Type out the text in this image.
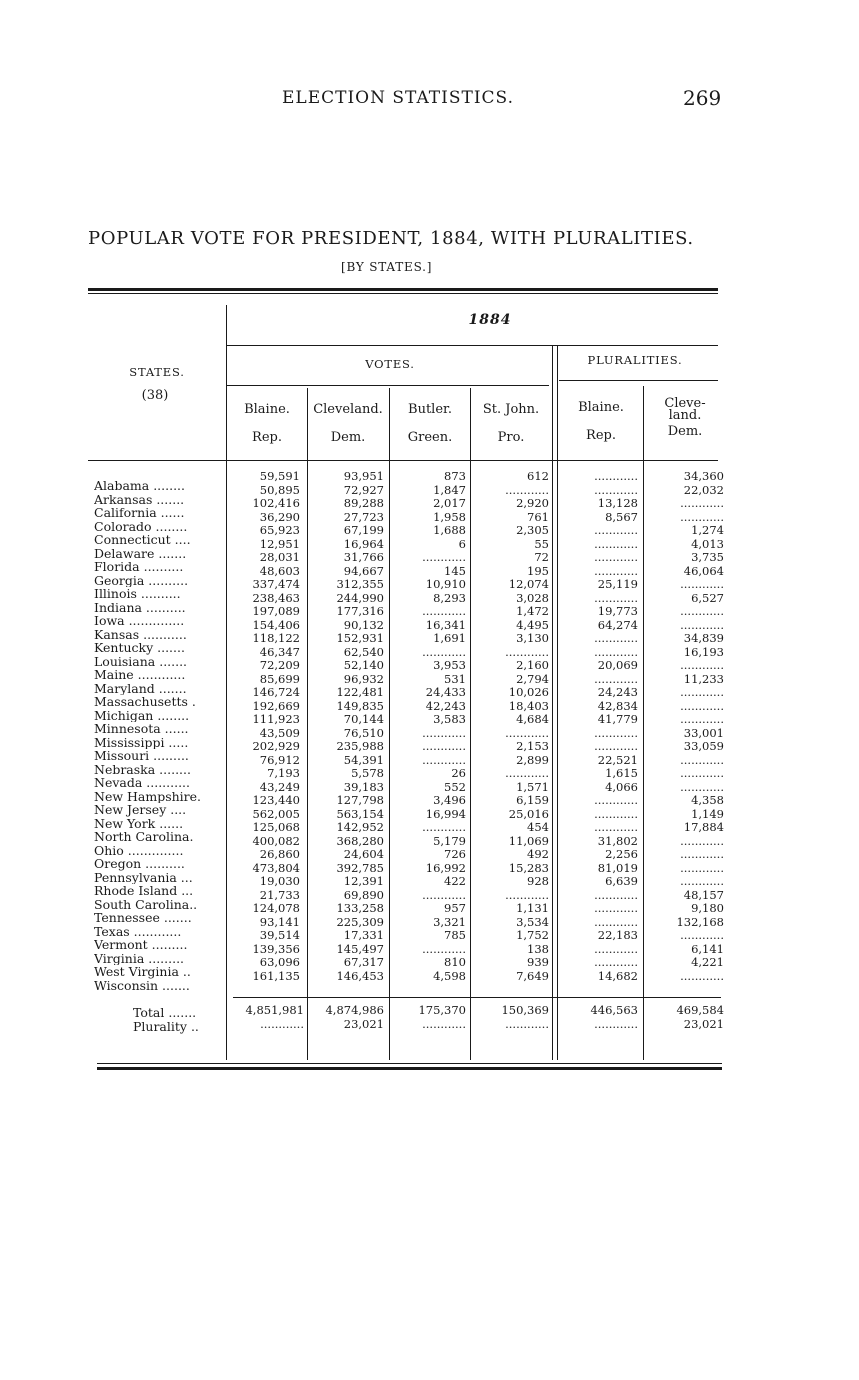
ELECTION STATISTICS.	269
POPULAR VOTE FOR PRESIDENT, 1884, WITH PLURALITIES.
[BY STATES.]
STATES.
(38)
1884
VOTES.	PLURALITIES.
Blaine.
Rep.
Cleveland.
Dem.
Butler.
Green.
St. John.
Pro.
Blaine.
Rep.
Cleve- land.
Dem.
Alabama ........
Arkansas .......
California ......
Colorado ........
Connecticut ....
Delaware .......
Florida ..........
Georgia ..........
Illinois ..........
Indiana ..........
Iowa ..............
Kansas ...........
Kentucky .......
Louisiana .......
Maine ............
Maryland .......
Massachusetts .
Michigan ........
Minnesota ......
Mississippi .....
Missouri .........
Nebraska ........
Nevada ...........
New Hampshire.
New Jersey ....
New York ......
North Carolina.
Ohio ..............
Oregon ..........
Pennsylvania ...
Rhode Island ...
South Carolina..
Tennessee .......
Texas ............
Vermont .........
Virginia .........
West Virginia ..
Wisconsin .......
59,591
50,895
102,416
36,290
65,923
12,951
28,031
48,603
337,474
238,463
197,089
154,406
118,122
46,347
72,209
85,699
146,724
192,669
111,923
43,509
202,929
76,912
7,193
43,249
123,440
562,005
125,068
400,082
26,860
473,804
19,030
21,733
124,078
93,141
39,514
139,356
63,096
161,135
93,951
72,927
89,288
27,723
67,199
16,964
31,766
94,667
312,355
244,990
177,316
90,132
152,931
62,540
52,140
96,932
122,481
149,835
70,144
76,510
235,988
54,391
5,578
39,183
127,798
563,154
142,952
368,280
24,604
392,785
12,391
69,890
133,258
225,309
17,331
145,497
67,317
146,453
873
1,847
2,017
1,958
1,688
6
............
145
10,910
8,293
............
16,341
1,691
............
3,953
531
24,433
42,243
3,583
............
............
............
26
552
3,496
16,994
............
5,179
726
16,992
422
............
957
3,321
785
............
810
4,598
612
............
2,920
761
2,305
55
72
195
12,074
3,028
1,472
4,495
3,130
............
2,160
2,794
10,026
18,403
4,684
............
2,153
2,899
............
1,571
6,159
25,016
454
11,069
492
15,283
928
............
1,131
3,534
1,752
138
939
7,649
............
............
13,128
8,567
............
............
............
............
25,119
............
19,773
64,274
............
............
20,069
............
24,243
42,834
41,779
............
............
22,521
1,615
4,066
............
............
............
31,802
2,256
81,019
6,639
............
............
............
22,183
............
............
14,682
34,360
22,032
............
............
1,274
4,013
3,735
46,064
............
6,527
............
............
34,839
16,193
............
11,233
............
............
............
33,001
33,059
............
............
............
4,358
1,149
17,884
............
............
............
............
48,157
9,180
132,168
............
6,141
4,221
............
Total .......
Plurality ..
4,851,981
............
4,874,986
23,021
175,370
............
150,369
............
446,563
............
469,584
23,021
